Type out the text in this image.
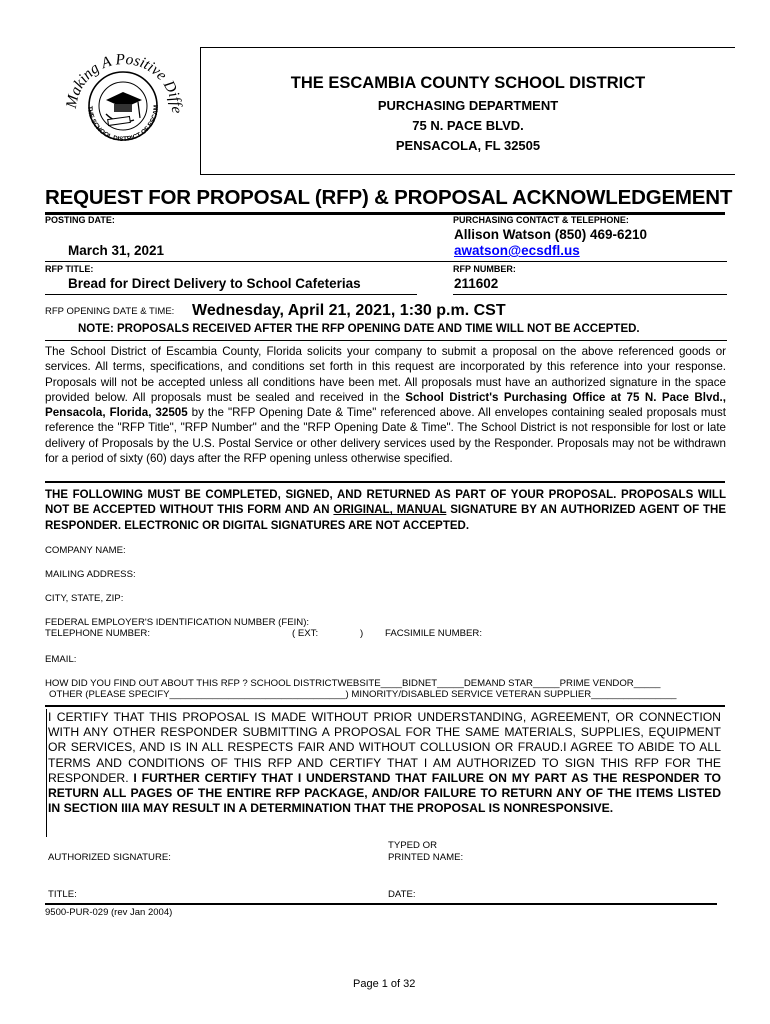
Making A Positive Diffe
THE SCHOOL DISTRICT OF ESCAM
THE ESCAMBIA COUNTY SCHOOL DISTRICT
PURCHASING DEPARTMENT
75 N. PACE BLVD.
PENSACOLA, FL 32505
REQUEST FOR PROPOSAL (RFP) & PROPOSAL ACKNOWLEDGEMENT
POSTING DATE:	PURCHASING CONTACT & TELEPHONE:
Allison Watson (850) 469-6210
March 31, 2021	awatson@ecsdfl.us
RFP TITLE:	RFP NUMBER:
Bread for Direct Delivery to School Cafeterias	211602
RFP OPENING DATE & TIME: Wednesday, April 21, 2021, 1:30 p.m. CST
NOTE: PROPOSALS RECEIVED AFTER THE RFP OPENING DATE AND TIME WILL NOT BE ACCEPTED.
The School District of Escambia County, Florida solicits your company to submit a proposal on the above referenced goods or services. All terms, specifications, and conditions set forth in this request are incorporated by this reference into your response. Proposals will not be accepted unless all conditions have been met. All proposals must have an authorized signature in the space provided below. All proposals must be sealed and received in the School District's Purchasing Office at 75 N. Pace Blvd., Pensacola, Florida, 32505 by the "RFP Opening Date & Time" referenced above. All envelopes containing sealed proposals must reference the "RFP Title", "RFP Number" and the "RFP Opening Date & Time". The School District is not responsible for lost or late delivery of Proposals by the U.S. Postal Service or other delivery services used by the Responder. Proposals may not be withdrawn for a period of sixty (60) days after the RFP opening unless otherwise specified.
THE FOLLOWING MUST BE COMPLETED, SIGNED, AND RETURNED AS PART OF YOUR PROPOSAL. PROPOSALS WILL NOT BE ACCEPTED WITHOUT THIS FORM AND AN ORIGINAL, MANUAL SIGNATURE BY AN AUTHORIZED AGENT OF THE RESPONDER. ELECTRONIC OR DIGITAL SIGNATURES ARE NOT ACCEPTED.
COMPANY NAME:
MAILING ADDRESS:
CITY, STATE, ZIP:
FEDERAL EMPLOYER'S IDENTIFICATION NUMBER (FEIN):
TELEPHONE NUMBER:	( EXT:	) FACSIMILE NUMBER:
EMAIL:
HOW DID YOU FIND OUT ABOUT THIS RFP ? SCHOOL DISTRICTWEBSITE____BIDNET_____DEMAND STAR_____PRIME VENDOR_____
OTHER (PLEASE SPECIFY_________________________________) MINORITY/DISABLED SERVICE VETERAN SUPPLIER________________
I CERTIFY THAT THIS PROPOSAL IS MADE WITHOUT PRIOR UNDERSTANDING, AGREEMENT, OR CONNECTION WITH ANY OTHER RESPONDER SUBMITTING A PROPOSAL FOR THE SAME MATERIALS, SUPPLIES, EQUIPMENT OR SERVICES, AND IS IN ALL RESPECTS FAIR AND WITHOUT COLLUSION OR FRAUD.I AGREE TO ABIDE TO ALL TERMS AND CONDITIONS OF THIS RFP AND CERTIFY THAT I AM AUTHORIZED TO SIGN THIS RFP FOR THE RESPONDER. I FURTHER CERTIFY THAT I UNDERSTAND THAT FAILURE ON MY PART AS THE RESPONDER TO RETURN ALL PAGES OF THE ENTIRE RFP PACKAGE, AND/OR FAILURE TO RETURN ANY OF THE ITEMS LISTED IN SECTION IIIA MAY RESULT IN A DETERMINATION THAT THE PROPOSAL IS NONRESPONSIVE.
TYPED OR
AUTHORIZED SIGNATURE:	PRINTED NAME:
TITLE:	DATE:
9500-PUR-029 (rev Jan 2004)
Page 1 of 32
